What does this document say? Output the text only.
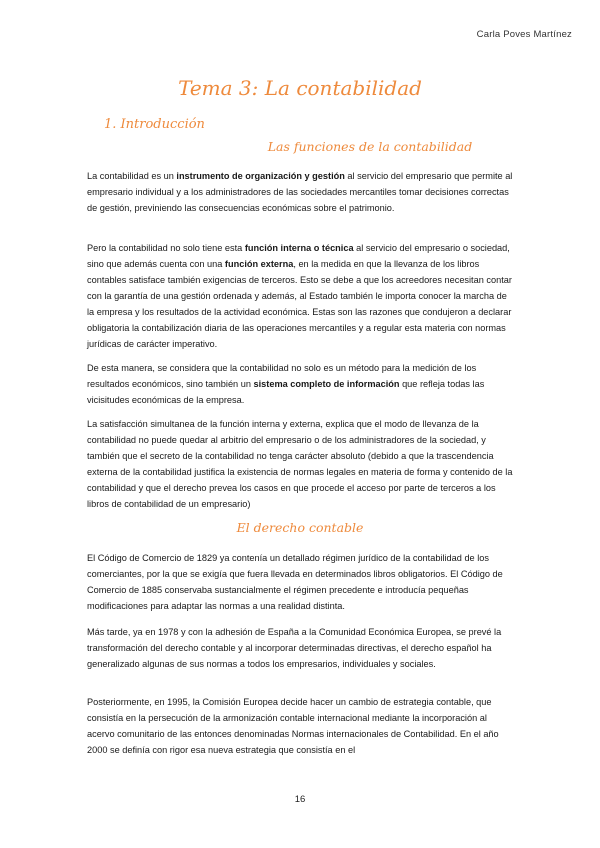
Carla Poves Martínez
Tema 3: La contabilidad
1. Introducción
Las funciones de la contabilidad

La contabilidad es un instrumento de organización y gestión al servicio del empresario que permite al empresario individual y a los administradores de las sociedades mercantiles tomar decisiones correctas de gestión, previniendo las consecuencias económicas sobre el patrimonio.

Pero la contabilidad no solo tiene esta función interna o técnica al servicio del empresario o sociedad, sino que además cuenta con una función externa, en la medida en que la llevanza de los libros contables satisface también exigencias de terceros. Esto se debe a que los acreedores necesitan contar con la garantía de una gestión ordenada y además, al Estado también le importa conocer la marcha de la empresa y los resultados de la actividad económica. Estas son las razones que condujeron a declarar obligatoria la contabilización diaria de las operaciones mercantiles y a regular esta materia con normas jurídicas de carácter imperativo.

De esta manera, se considera que la contabilidad no solo es un método para la medición de los resultados económicos, sino también un sistema completo de información que refleja todas las vicisitudes económicas de la empresa.

La satisfacción simultanea de la función interna y externa, explica que el modo de llevanza de la contabilidad no puede quedar al arbitrio del empresario o de los administradores de la sociedad, y también que el secreto de la contabilidad no tenga carácter absoluto (debido a que la trascendencia externa de la contabilidad justifica la existencia de normas legales en materia de forma y contenido de la contabilidad y que el derecho prevea los casos en que procede el acceso por parte de terceros a los libros de contabilidad de un empresario)

El derecho contable

El Código de Comercio de 1829 ya contenía un detallado régimen jurídico de la contabilidad de los comerciantes, por la que se exigía que fuera llevada en determinados libros obligatorios. El Código de Comercio de 1885 conservaba sustancialmente el régimen precedente e introducía pequeñas modificaciones para adaptar las normas a una realidad distinta.

Más tarde, ya en 1978 y con la adhesión de España a la Comunidad Económica Europea, se prevé la transformación del derecho contable y al incorporar determinadas directivas, el derecho español ha generalizado algunas de sus normas a todos los empresarios, individuales y sociales.

Posteriormente, en 1995, la Comisión Europea decide hacer un cambio de estrategia contable, que consistía en la persecución de la armonización contable internacional mediante la incorporación al acervo comunitario de las entonces denominadas Normas internacionales de Contabilidad. En el año 2000 se definía con rigor esa nueva estrategia que consistía en el

16
